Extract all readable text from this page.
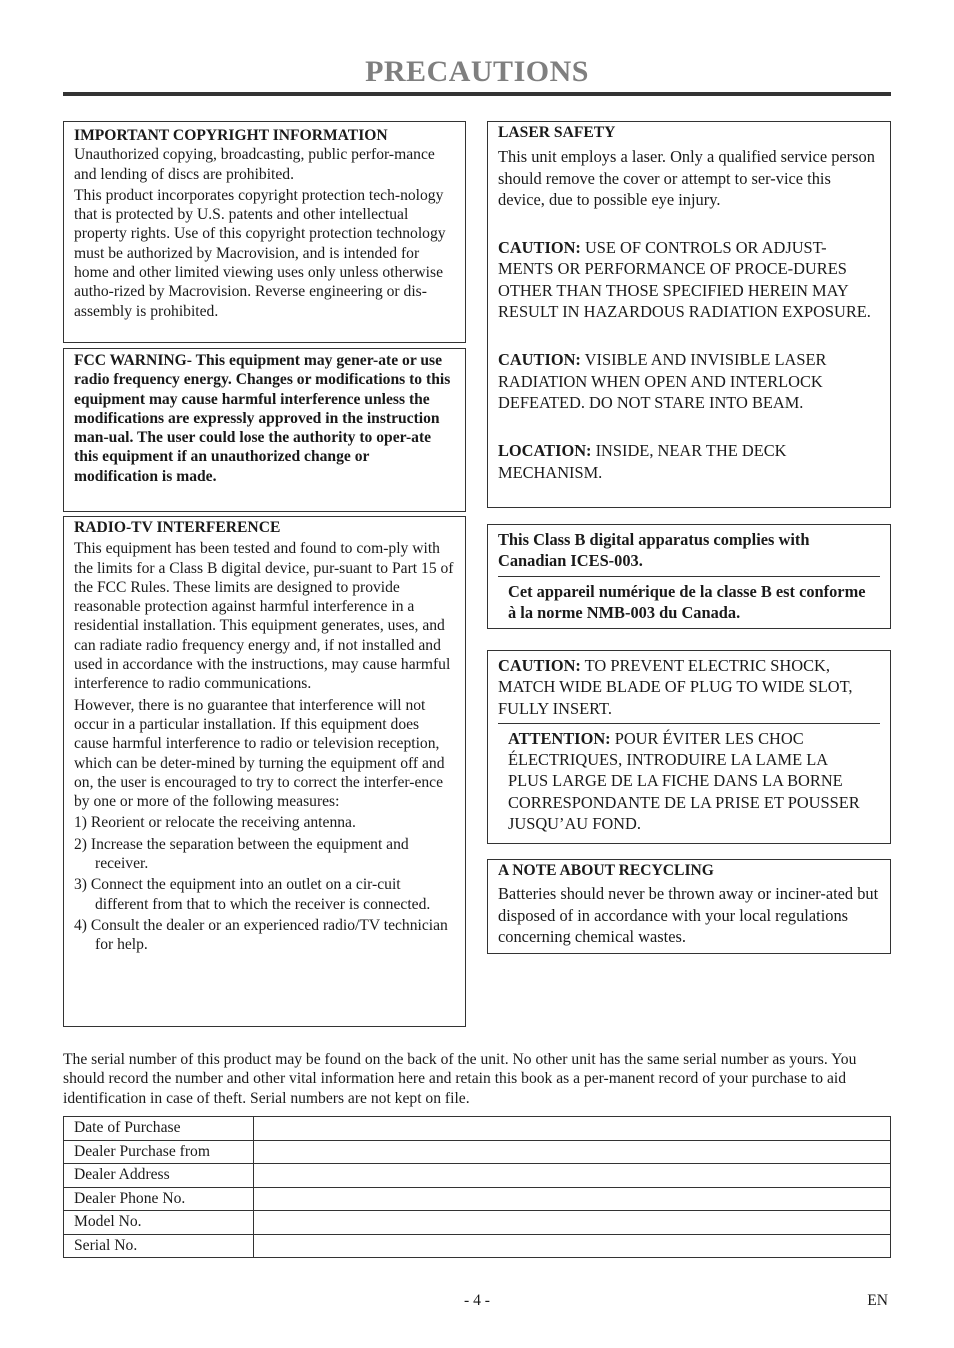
PRECAUTIONS

IMPORTANT COPYRIGHT INFORMATION

Unauthorized copying, broadcasting, public perfor-mance and lending of discs are prohibited.

This product incorporates copyright protection tech-nology that is protected by U.S. patents and other intellectual property rights. Use of this copyright protection technology must be authorized by Macrovision, and is intended for home and other limited viewing uses only unless otherwise autho-rized by Macrovision. Reverse engineering or dis-assembly is prohibited.

FCC WARNING- This equipment may gener-ate or use radio frequency energy. Changes or modifications to this equipment may cause harmful interference unless the modifications are expressly approved in the instruction man-ual. The user could lose the authority to oper-ate this equipment if an unauthorized change or modification is made.

RADIO-TV INTERFERENCE

This equipment has been tested and found to com-ply with the limits for a Class B digital device, pur-suant to Part 15 of the FCC Rules. These limits are designed to provide reasonable protection against harmful interference in a residential installation. This equipment generates, uses, and can radiate radio frequency energy and, if not installed and used in accordance with the instructions, may cause harmful interference to radio communications.

However, there is no guarantee that interference will not occur in a particular installation. If this equipment does cause harmful interference to radio or television reception, which can be deter-mined by turning the equipment off and on, the user is encouraged to try to correct the interfer-ence by one or more of the following measures:

1) Reorient or relocate the receiving antenna.
2) Increase the separation between the equipment and receiver.
3) Connect the equipment into an outlet on a cir-cuit different from that to which the receiver is connected.
4) Consult the dealer or an experienced radio/TV technician for help.

LASER SAFETY

This unit employs a laser. Only a qualified service person should remove the cover or attempt to ser-vice this device, due to possible eye injury.

CAUTION: USE OF CONTROLS OR ADJUST-MENTS OR PERFORMANCE OF PROCE-DURES OTHER THAN THOSE SPECIFIED HEREIN MAY RESULT IN HAZARDOUS RADIATION EXPOSURE.

CAUTION: VISIBLE AND INVISIBLE LASER RADIATION WHEN OPEN AND INTERLOCK DEFEATED. DO NOT STARE INTO BEAM.

LOCATION: INSIDE, NEAR THE DECK MECHANISM.

This Class B digital apparatus complies with Canadian ICES-003.

Cet appareil numérique de la classe B est conforme à la norme NMB-003 du Canada.

CAUTION: TO PREVENT ELECTRIC SHOCK, MATCH WIDE BLADE OF PLUG TO WIDE SLOT, FULLY INSERT.

ATTENTION: POUR ÉVITER LES CHOC ÉLECTRIQUES, INTRODUIRE LA LAME LA PLUS LARGE DE LA FICHE DANS LA BORNE CORRESPONDANTE DE LA PRISE ET POUSSER JUSQU’AU FOND.

A NOTE ABOUT RECYCLING

Batteries should never be thrown away or inciner-ated but disposed of in accordance with your local regulations concerning chemical wastes.

The serial number of this product may be found on the back of the unit. No other unit has the same serial number as yours. You should record the number and other vital information here and retain this book as a per-manent record of your purchase to aid identification in case of theft. Serial numbers are not kept on file.
Date of Purchase	
Dealer Purchase from	
Dealer Address	
Dealer Phone No.	
Model No.	
Serial No.	
- 4 -	EN
